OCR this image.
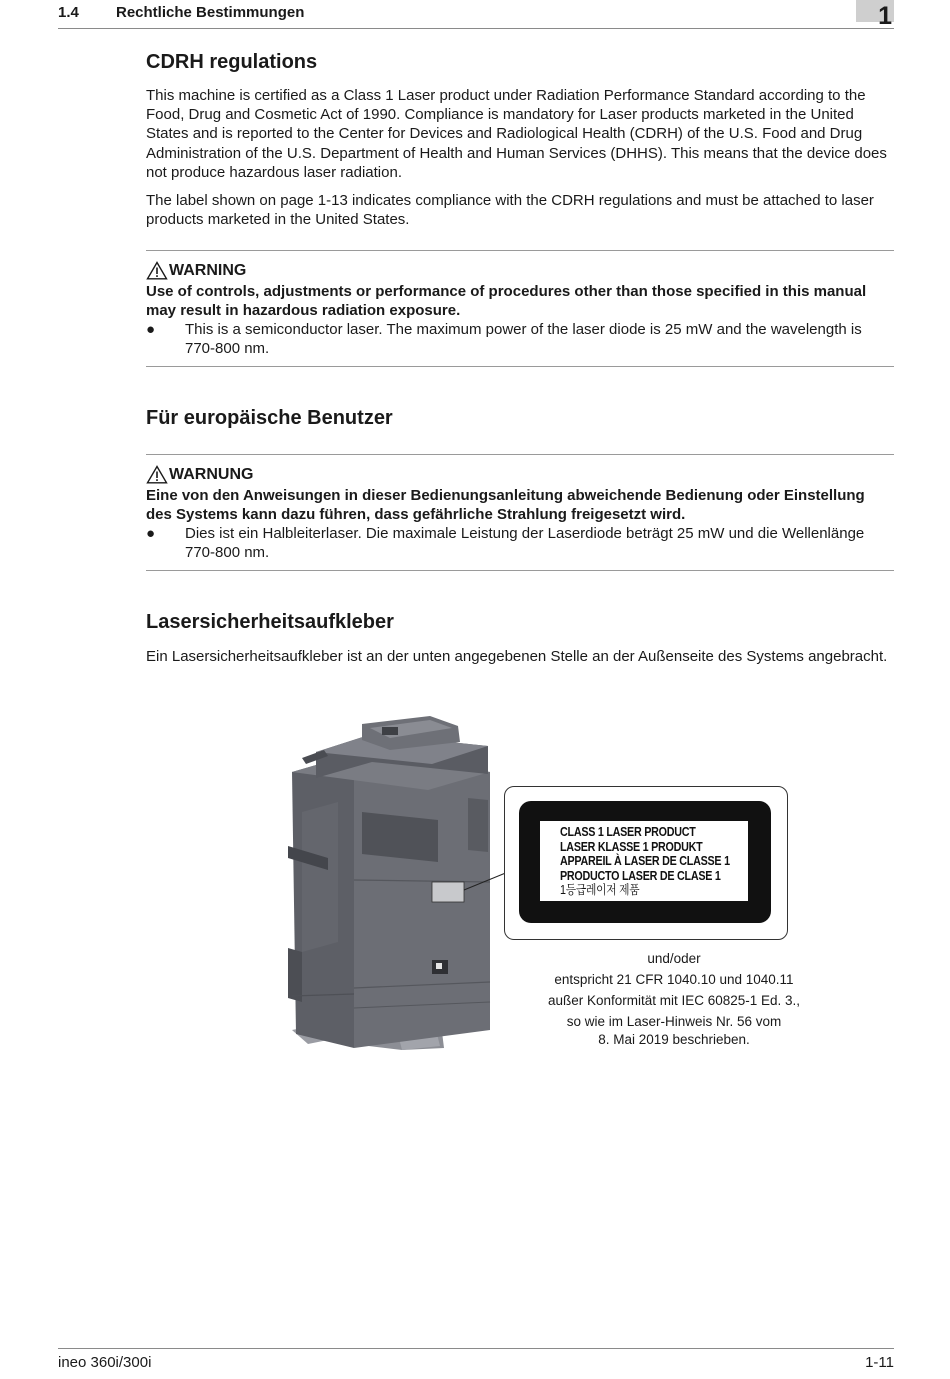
1.4 Rechtliche Bestimmungen	1
CDRH regulations

This machine is certified as a Class 1 Laser product under Radiation Performance Standard according to the Food, Drug and Cosmetic Act of 1990. Compliance is mandatory for Laser products marketed in the United States and is reported to the Center for Devices and Radiological Health (CDRH) of the U.S. Food and Drug Administration of the U.S. Department of Health and Human Services (DHHS). This means that the device does not produce hazardous laser radiation.

The label shown on page 1-13 indicates compliance with the CDRH regulations and must be attached to laser products marketed in the United States.

WARNING
Use of controls, adjustments or performance of procedures other than those specified in this manual may result in hazardous radiation exposure.
● This is a semiconductor laser. The maximum power of the laser diode is 25 mW and the wavelength is 770-800 nm.
Für europäische Benutzer
WARNUNG
Eine von den Anweisungen in dieser Bedienungsanleitung abweichende Bedienung oder Einstellung des Systems kann dazu führen, dass gefährliche Strahlung freigesetzt wird.
● Dies ist ein Halbleiterlaser. Die maximale Leistung der Laserdiode beträgt 25 mW und die Wellenlänge 770-800 nm.
Lasersicherheitsaufkleber

Ein Lasersicherheitsaufkleber ist an der unten angegebenen Stelle an der Außenseite des Systems angebracht.

CLASS 1 LASER PRODUCT
LASER KLASSE 1 PRODUKT
APPAREIL À LASER DE CLASSE 1
PRODUCTO LASER DE CLASE 1
1등급레이저 제품
und/oder
entspricht 21 CFR 1040.10 und 1040.11
außer Konformität mit IEC 60825-1 Ed. 3.,
so wie im Laser-Hinweis Nr. 56 vom
8. Mai 2019 beschrieben.
ineo 360i/300i	1-11
